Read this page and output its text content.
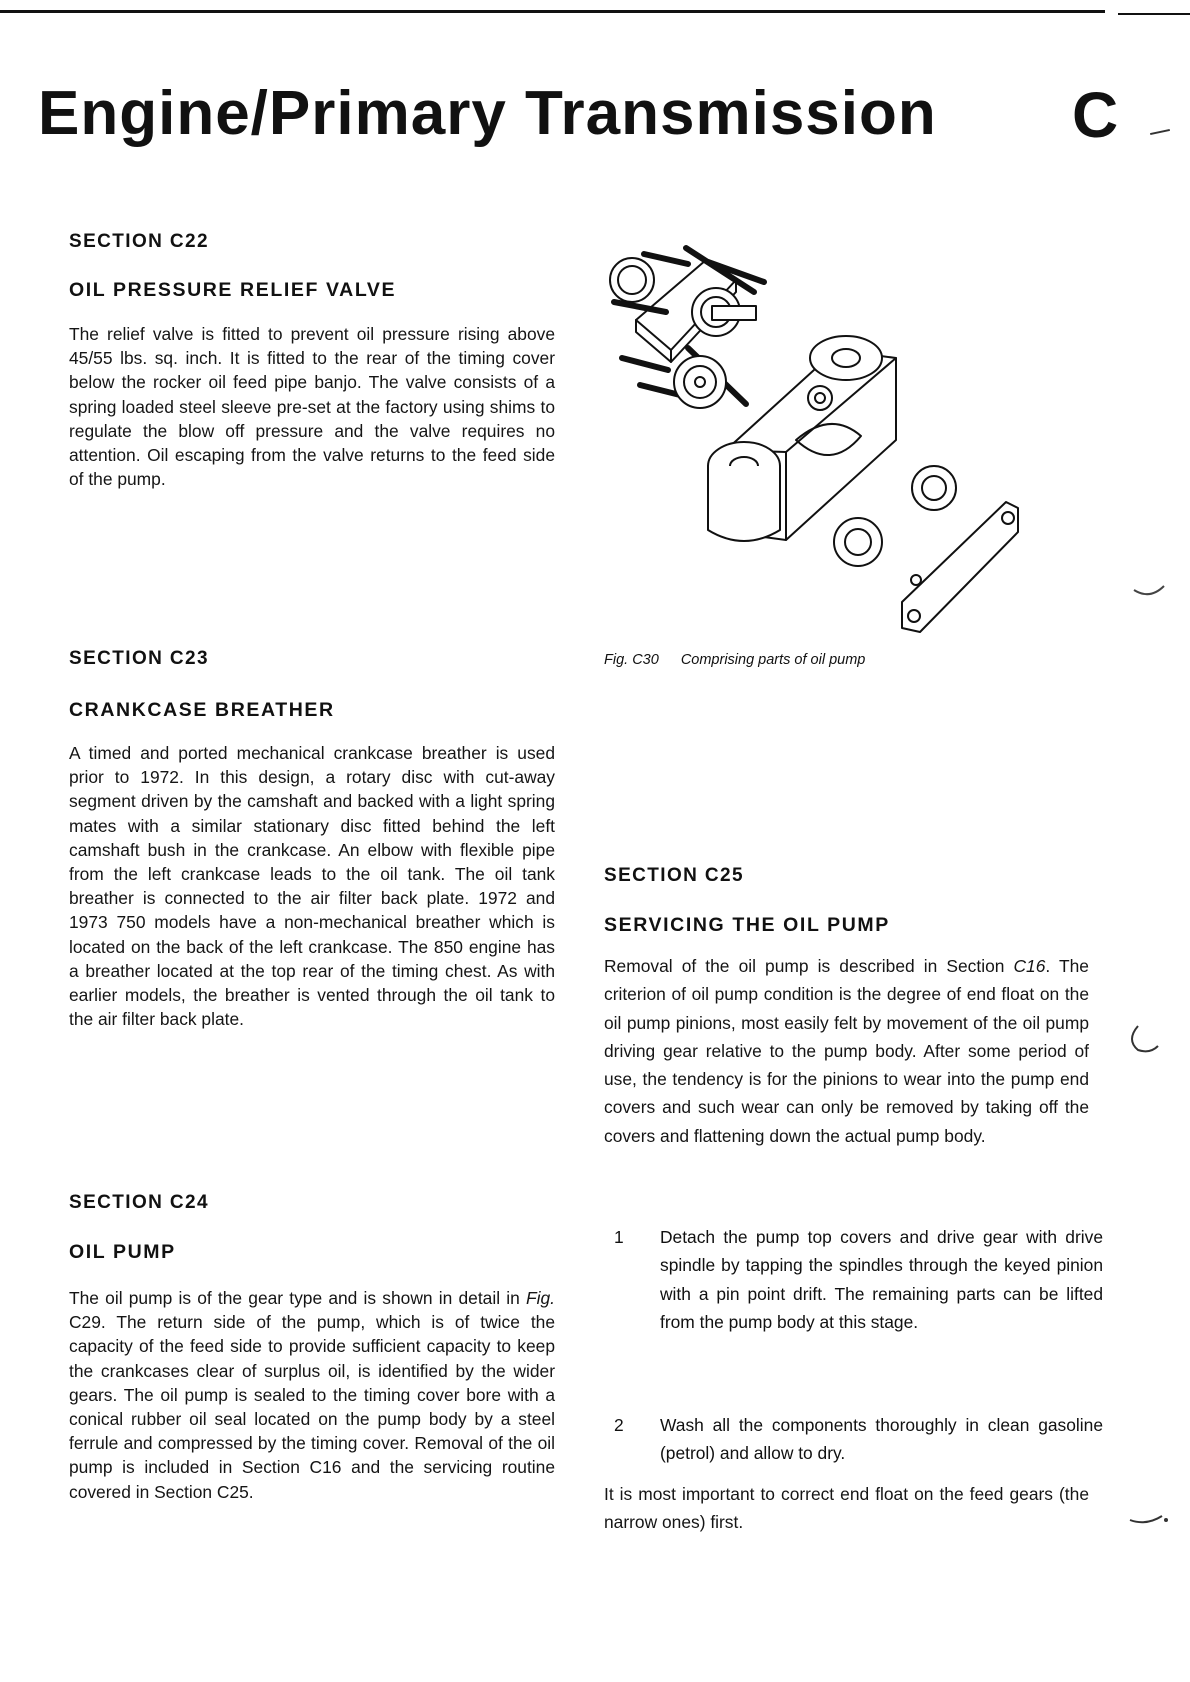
Engine/Primary Transmission C
SECTION C22
OIL PRESSURE RELIEF VALVE

The relief valve is fitted to prevent oil pressure rising above 45/55 lbs. sq. inch. It is fitted to the rear of the timing cover below the rocker oil feed pipe banjo. The valve consists of a spring loaded steel sleeve pre-set at the factory using shims to regulate the blow off pressure and the valve requires no attention. Oil escaping from the valve returns to the feed side of the pump.

SECTION C23
CRANKCASE BREATHER

A timed and ported mechanical crankcase breather is used prior to 1972. In this design, a rotary disc with cut-away segment driven by the camshaft and backed with a light spring mates with a similar stationary disc fitted behind the left camshaft bush in the crankcase. An elbow with flexible pipe from the left crankcase leads to the oil tank. The oil tank breather is connected to the air filter back plate. 1972 and 1973 750 models have a non-mechanical breather which is located on the back of the left crankcase. The 850 engine has a breather located at the top rear of the timing chest. As with earlier models, the breather is vented through the oil tank to the air filter back plate.

SECTION C24
OIL PUMP

The oil pump is of the gear type and is shown in detail in Fig. C29. The return side of the pump, which is of twice the capacity of the feed side to provide sufficient capacity to keep the crankcases clear of surplus oil, is identified by the wider gears. The oil pump is sealed to the timing cover bore with a conical rubber oil seal located on the pump body by a steel ferrule and compressed by the timing cover. Removal of the oil pump is included in Section C16 and the servicing routine covered in Section C25.

Fig. C30 Comprising parts of oil pump

SECTION C25
SERVICING THE OIL PUMP

Removal of the oil pump is described in Section C16. The criterion of oil pump condition is the degree of end float on the oil pump pinions, most easily felt by movement of the oil pump driving gear relative to the pump body. After some period of use, the tendency is for the pinions to wear into the pump end covers and such wear can only be removed by taking off the covers and flattening down the actual pump body.

1 Detach the pump top covers and drive gear with drive spindle by tapping the spindles through the keyed pinion with a pin point drift. The remaining parts can be lifted from the pump body at this stage.

2 Wash all the components thoroughly in clean gasoline (petrol) and allow to dry.

It is most important to correct end float on the feed gears (the narrow ones) first.
